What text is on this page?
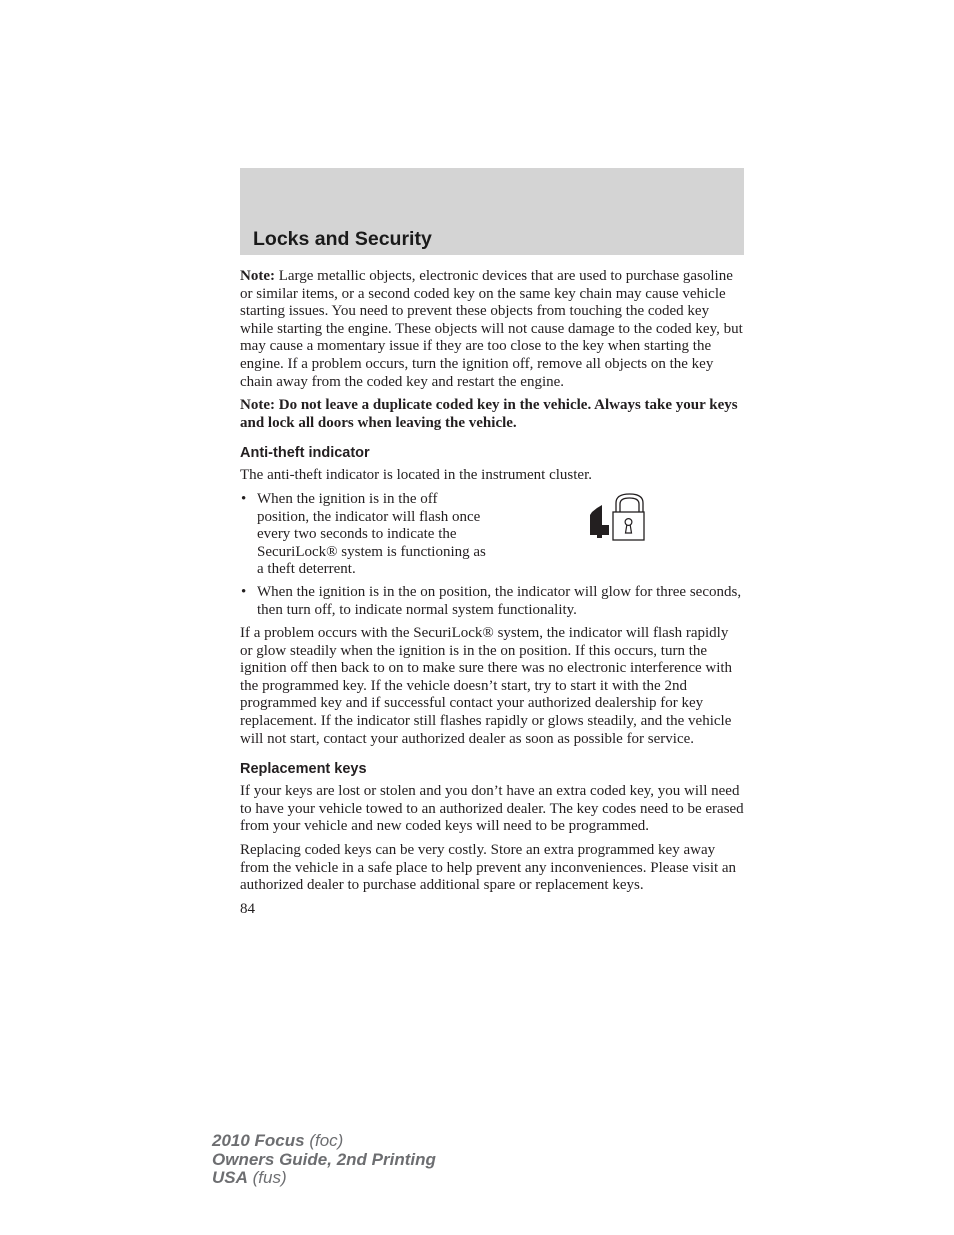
Locks and Security

Note: Large metallic objects, electronic devices that are used to purchase gasoline or similar items, or a second coded key on the same key chain may cause vehicle starting issues. You need to prevent these objects from touching the coded key while starting the engine. These objects will not cause damage to the coded key, but may cause a momentary issue if they are too close to the key when starting the engine. If a problem occurs, turn the ignition off, remove all objects on the key chain away from the coded key and restart the engine.

Note: Do not leave a duplicate coded key in the vehicle. Always take your keys and lock all doors when leaving the vehicle.

Anti-theft indicator

The anti-theft indicator is located in the instrument cluster.

• When the ignition is in the off position, the indicator will flash once every two seconds to indicate the SecuriLock® system is functioning as a theft deterrent.
• When the ignition is in the on position, the indicator will glow for three seconds, then turn off, to indicate normal system functionality.

If a problem occurs with the SecuriLock® system, the indicator will flash rapidly or glow steadily when the ignition is in the on position. If this occurs, turn the ignition off then back to on to make sure there was no electronic interference with the programmed key. If the vehicle doesn’t start, try to start it with the 2nd programmed key and if successful contact your authorized dealership for key replacement. If the indicator still flashes rapidly or glows steadily, and the vehicle will not start, contact your authorized dealer as soon as possible for service.

Replacement keys

If your keys are lost or stolen and you don’t have an extra coded key, you will need to have your vehicle towed to an authorized dealer. The key codes need to be erased from your vehicle and new coded keys will need to be programmed.

Replacing coded keys can be very costly. Store an extra programmed key away from the vehicle in a safe place to help prevent any inconveniences. Please visit an authorized dealer to purchase additional spare or replacement keys.

84
2010 Focus (foc)
Owners Guide, 2nd Printing
USA (fus)
